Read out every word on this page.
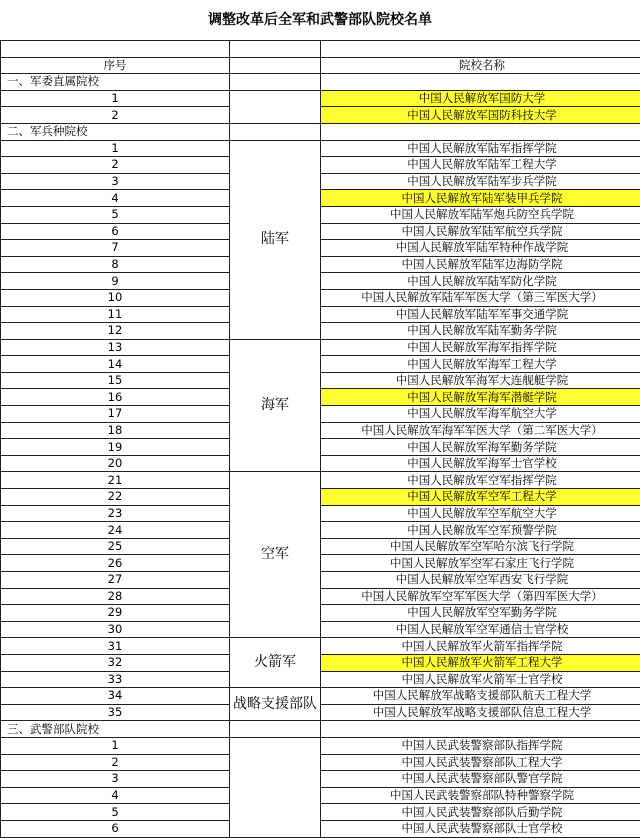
调整改革后全军和武警部队院校名单

序号		院校名称
一、军委直属院校		
1		中国人民解放军国防大学
2		中国人民解放军国防科技大学
二、军兵种院校		
1	陆军	中国人民解放军陆军指挥学院
2		中国人民解放军陆军工程大学
3		中国人民解放军陆军步兵学院
4		中国人民解放军陆军装甲兵学院
5		中国人民解放军陆军炮兵防空兵学院
6		中国人民解放军陆军航空兵学院
7		中国人民解放军陆军特种作战学院
8		中国人民解放军陆军边海防学院
9		中国人民解放军陆军防化学院
10		中国人民解放军陆军军医大学（第三军医大学）
11		中国人民解放军陆军军事交通学院
12		中国人民解放军陆军勤务学院
13	海军	中国人民解放军海军指挥学院
14		中国人民解放军海军工程大学
15		中国人民解放军海军大连舰艇学院
16		中国人民解放军海军潜艇学院
17		中国人民解放军海军航空大学
18		中国人民解放军海军军医大学（第二军医大学）
19		中国人民解放军海军勤务学院
20		中国人民解放军海军士官学校
21	空军	中国人民解放军空军指挥学院
22		中国人民解放军空军工程大学
23		中国人民解放军空军航空大学
24		中国人民解放军空军预警学院
25		中国人民解放军空军哈尔滨飞行学院
26		中国人民解放军空军石家庄飞行学院
27		中国人民解放军空军西安飞行学院
28		中国人民解放军空军军医大学（第四军医大学）
29		中国人民解放军空军勤务学院
30		中国人民解放军空军通信士官学校
31	火箭军	中国人民解放军火箭军指挥学院
32		中国人民解放军火箭军工程大学
33		中国人民解放军火箭军士官学校
34	战略支援部队	中国人民解放军战略支援部队航天工程大学
35		中国人民解放军战略支援部队信息工程大学
三、武警部队院校		
1		中国人民武装警察部队指挥学院
2		中国人民武装警察部队工程大学
3		中国人民武装警察部队警官学院
4		中国人民武装警察部队特种警察学院
5		中国人民武装警察部队后勤学院
6		中国人民武装警察部队士官学校
